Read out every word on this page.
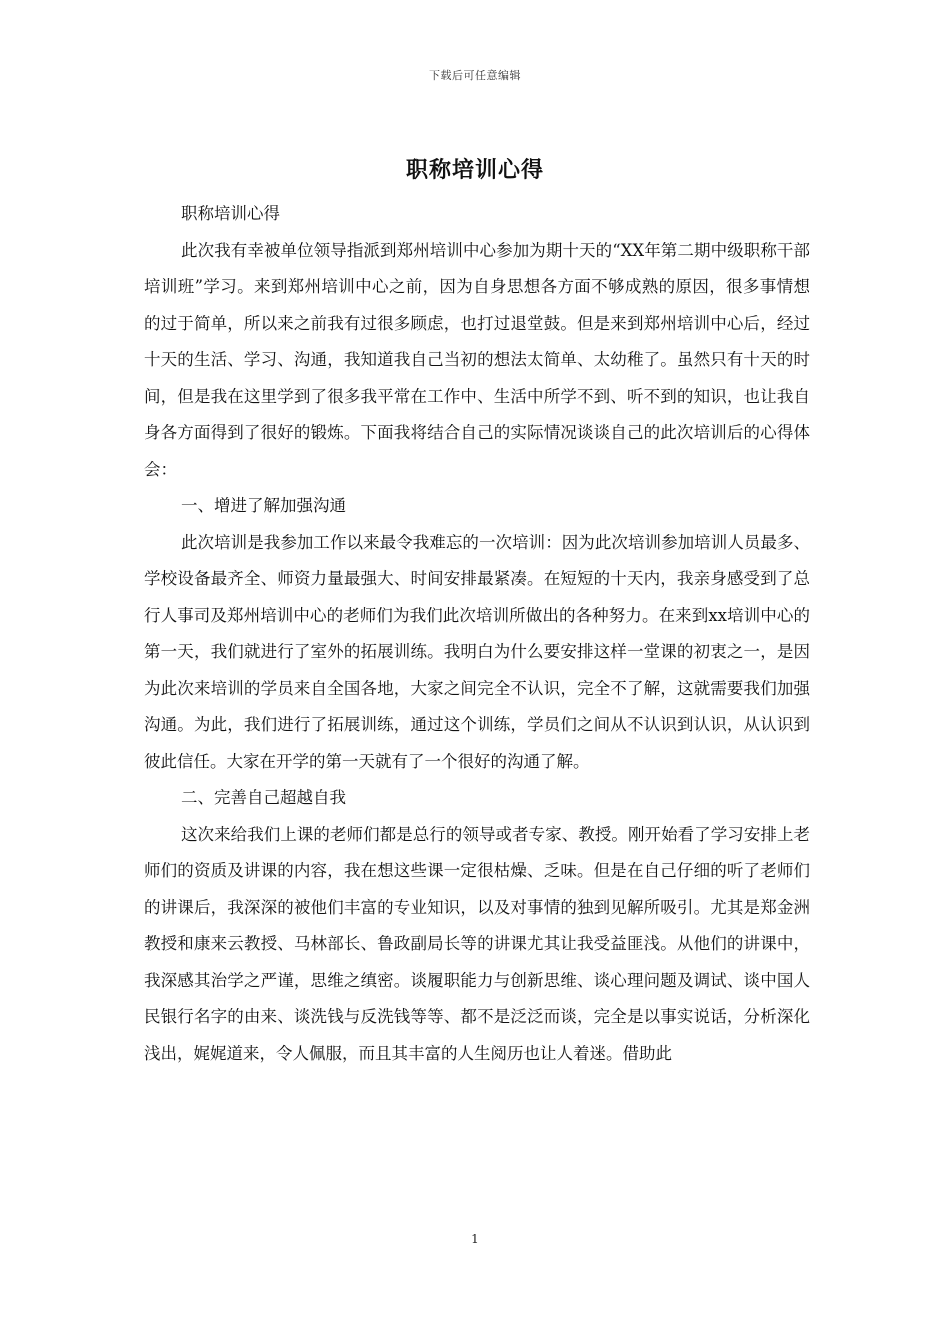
下载后可任意编辑
职称培训心得

职称培训心得

此次我有幸被单位领导指派到郑州培训中心参加为期十天的“XX年第二期中级职称干部培训班”学习。来到郑州培训中心之前，因为自身思想各方面不够成熟的原因，很多事情想的过于简单，所以来之前我有过很多顾虑，也打过退堂鼓。但是来到郑州培训中心后，经过十天的生活、学习、沟通，我知道我自己当初的想法太简单、太幼稚了。虽然只有十天的时间，但是我在这里学到了很多我平常在工作中、生活中所学不到、听不到的知识，也让我自身各方面得到了很好的锻炼。下面我将结合自己的实际情况谈谈自己的此次培训后的心得体会：

一、增进了解加强沟通

此次培训是我参加工作以来最令我难忘的一次培训：因为此次培训参加培训人员最多、学校设备最齐全、师资力量最强大、时间安排最紧凑。在短短的十天内，我亲身感受到了总行人事司及郑州培训中心的老师们为我们此次培训所做出的各种努力。在来到xx培训中心的第一天，我们就进行了室外的拓展训练。我明白为什么要安排这样一堂课的初衷之一，是因为此次来培训的学员来自全国各地，大家之间完全不认识，完全不了解，这就需要我们加强沟通。为此，我们进行了拓展训练，通过这个训练，学员们之间从不认识到认识，从认识到彼此信任。大家在开学的第一天就有了一个很好的沟通了解。

二、完善自己超越自我

这次来给我们上课的老师们都是总行的领导或者专家、教授。刚开始看了学习安排上老师们的资质及讲课的内容，我在想这些课一定很枯燥、乏味。但是在自己仔细的听了老师们的讲课后，我深深的被他们丰富的专业知识，以及对事情的独到见解所吸引。尤其是郑金洲教授和康来云教授、马林部长、鲁政副局长等的讲课尤其让我受益匪浅。从他们的讲课中，我深感其治学之严谨，思维之缜密。谈履职能力与创新思维、谈心理问题及调试、谈中国人民银行名字的由来、谈洗钱与反洗钱等等、都不是泛泛而谈，完全是以事实说话，分析深化浅出，娓娓道来，令人佩服，而且其丰富的人生阅历也让人着迷。借助此

1
